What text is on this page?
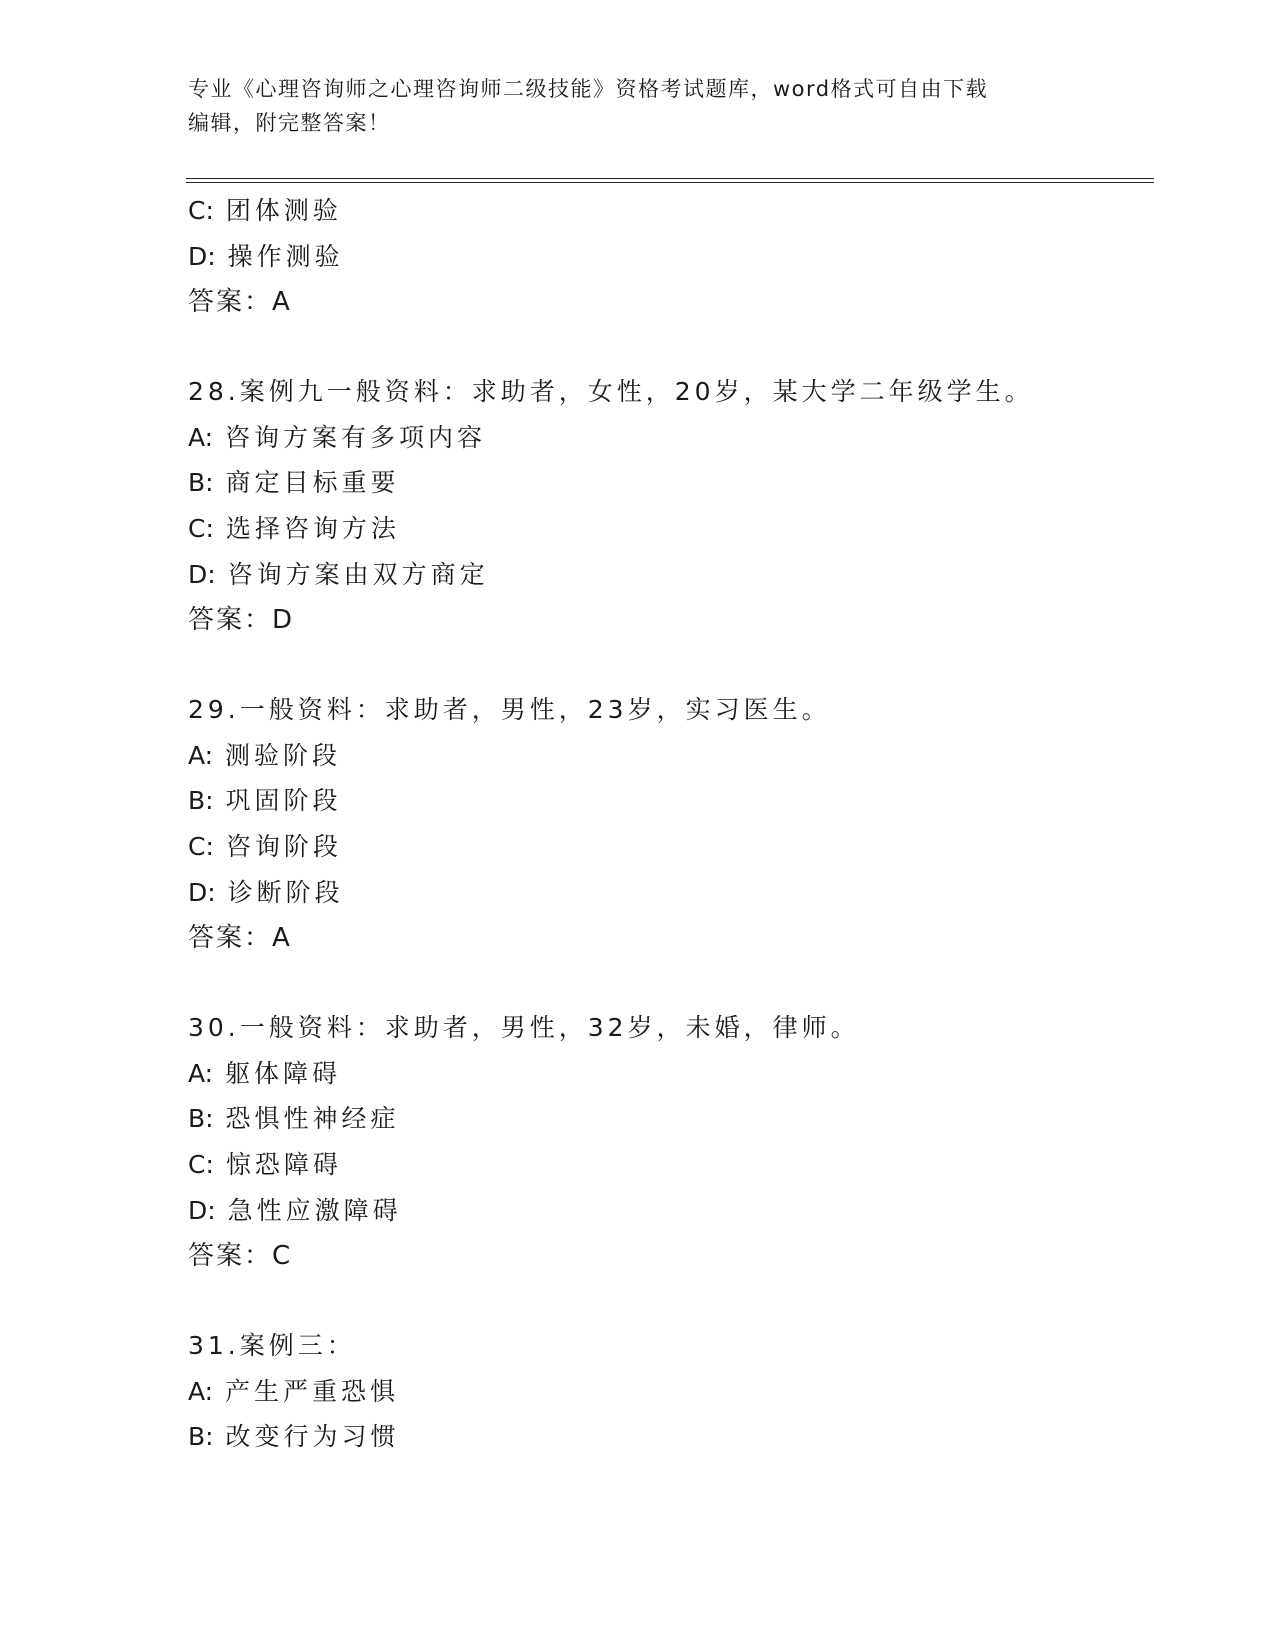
专业《心理咨询师之心理咨询师二级技能》资格考试题库，word格式可自由下载
编辑，附完整答案！
C: 团体测验
D: 操作测验
答案：A
28.案例九一般资料：求助者，女性，20岁，某大学二年级学生。
A: 咨询方案有多项内容
B: 商定目标重要
C: 选择咨询方法
D: 咨询方案由双方商定
答案：D
29.一般资料：求助者，男性，23岁，实习医生。
A: 测验阶段
B: 巩固阶段
C: 咨询阶段
D: 诊断阶段
答案：A
30.一般资料：求助者，男性，32岁，未婚，律师。
A: 躯体障碍
B: 恐惧性神经症
C: 惊恐障碍
D: 急性应激障碍
答案：C
31.案例三：
A: 产生严重恐惧
B: 改变行为习惯
